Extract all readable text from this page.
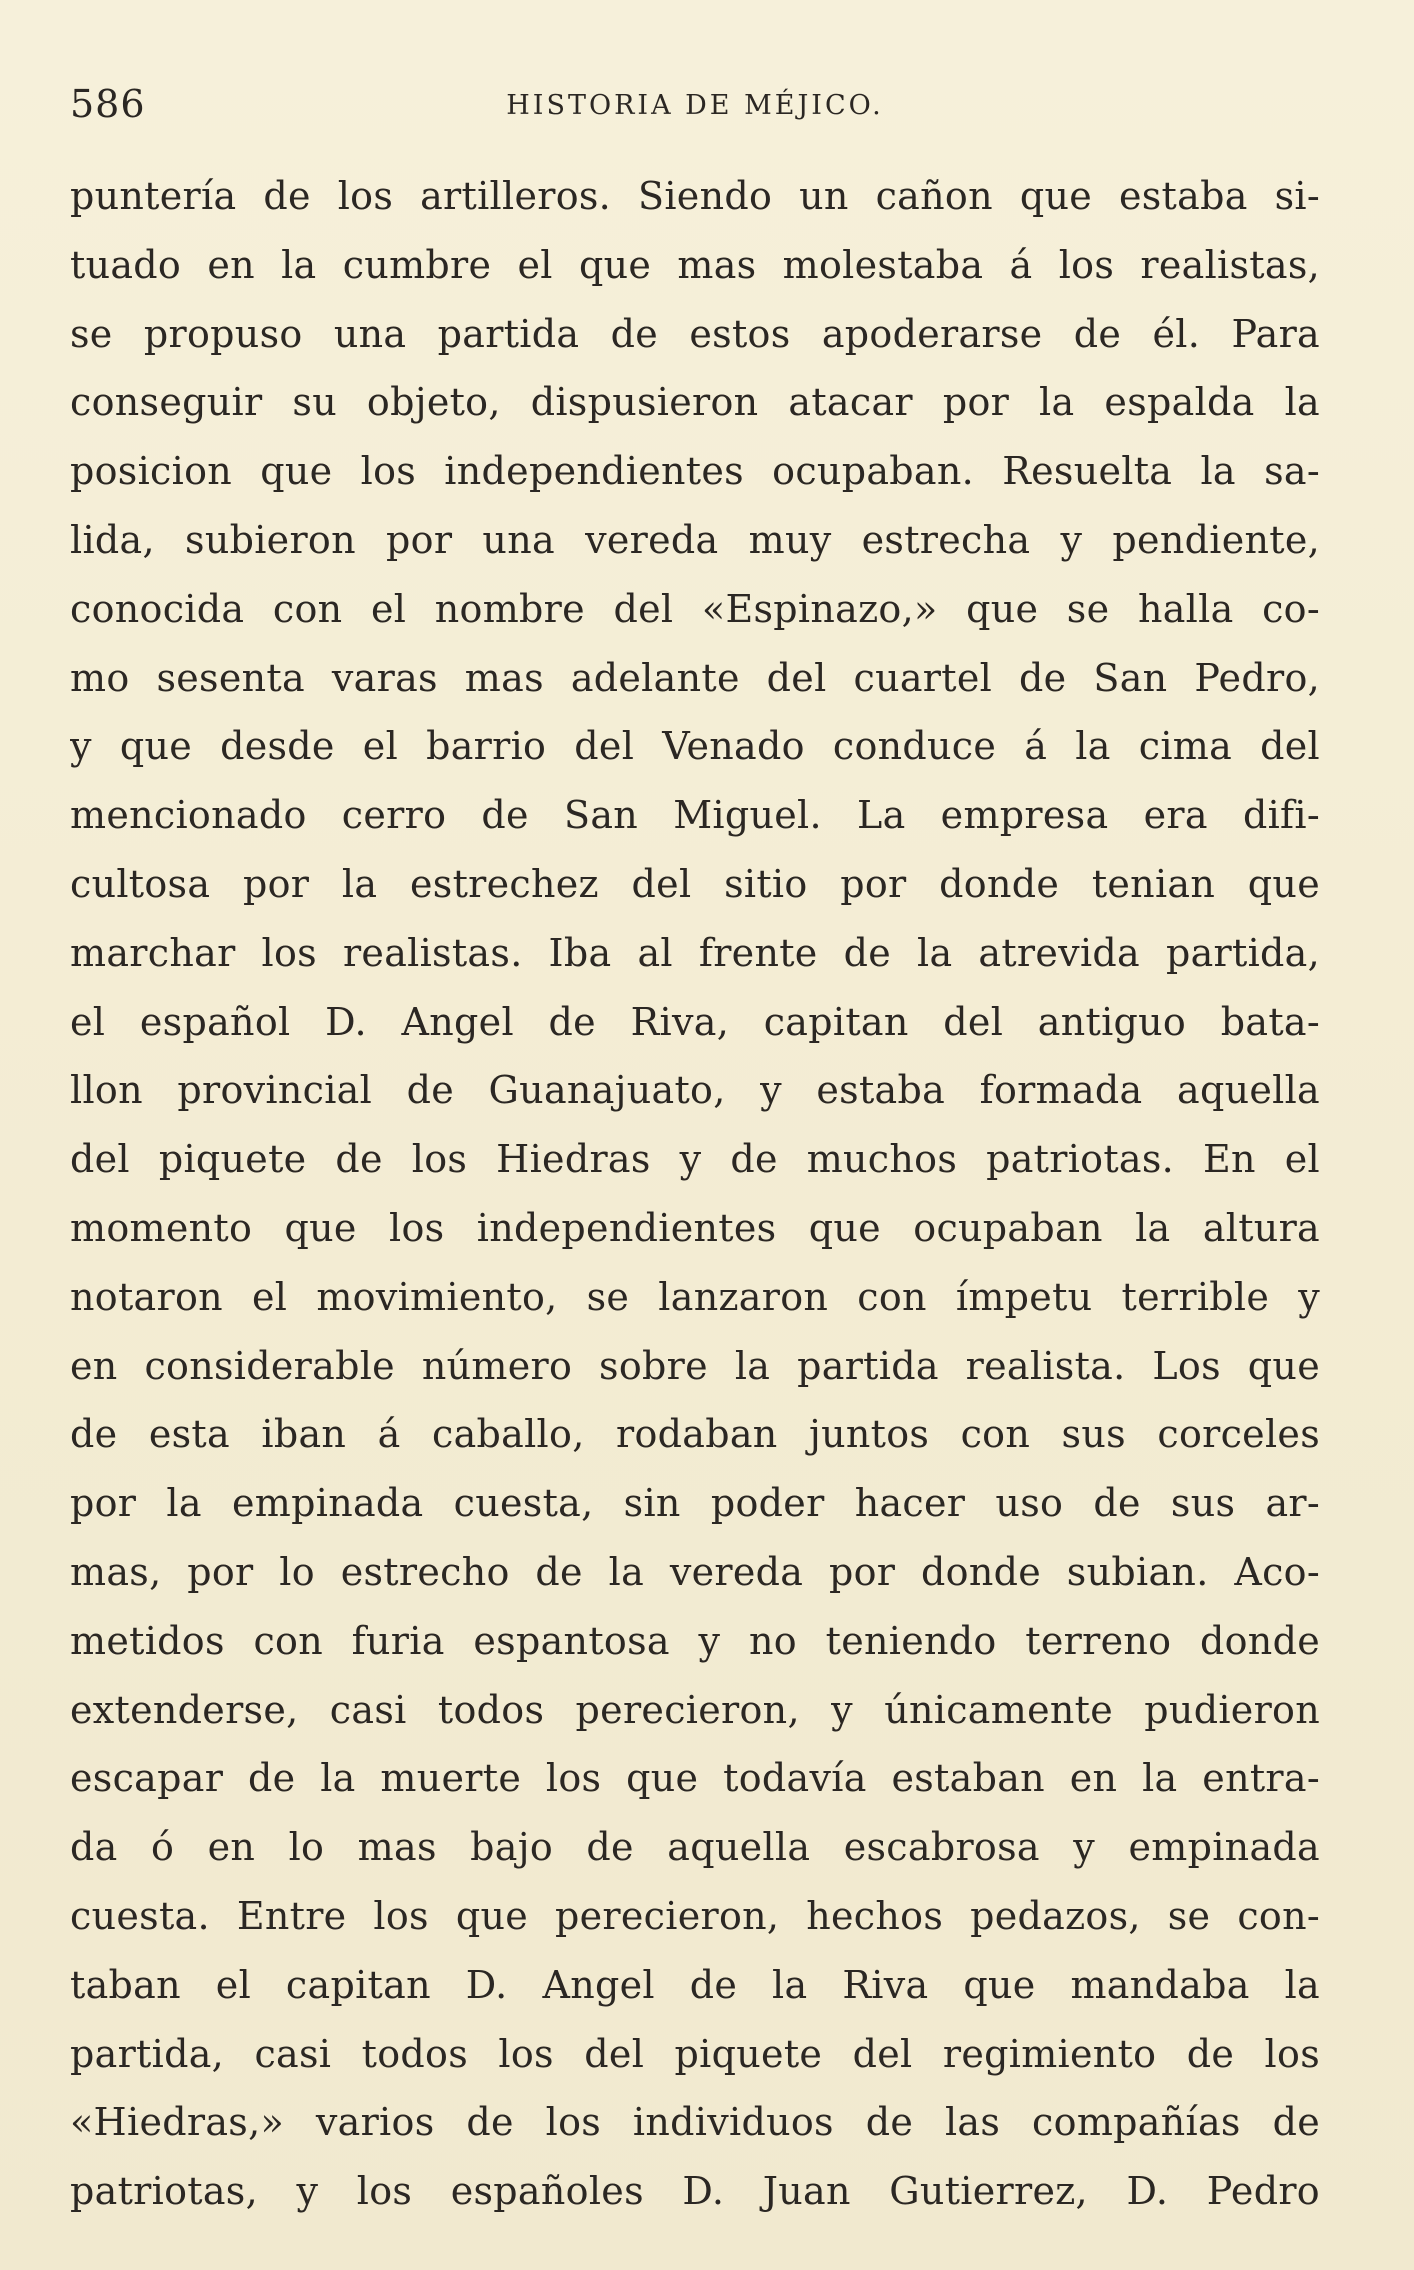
586	HISTORIA DE MÉJICO.
puntería de los artilleros. Siendo un cañon que estaba si-
tuado en la cumbre el que mas molestaba á los realistas,
se propuso una partida de estos apoderarse de él. Para
conseguir su objeto, dispusieron atacar por la espalda la
posicion que los independientes ocupaban. Resuelta la sa-
lida, subieron por una vereda muy estrecha y pendiente,
conocida con el nombre del «Espinazo,» que se halla co-
mo sesenta varas mas adelante del cuartel de San Pedro,
y que desde el barrio del Venado conduce á la cima del
mencionado cerro de San Miguel. La empresa era difi-
cultosa por la estrechez del sitio por donde tenian que
marchar los realistas. Iba al frente de la atrevida partida,
el español D. Angel de Riva, capitan del antiguo bata-
llon provincial de Guanajuato, y estaba formada aquella
del piquete de los Hiedras y de muchos patriotas. En el
momento que los independientes que ocupaban la altura
notaron el movimiento, se lanzaron con ímpetu terrible y
en considerable número sobre la partida realista. Los que
de esta iban á caballo, rodaban juntos con sus corceles
por la empinada cuesta, sin poder hacer uso de sus ar-
mas, por lo estrecho de la vereda por donde subian. Aco-
metidos con furia espantosa y no teniendo terreno donde
extenderse, casi todos perecieron, y únicamente pudieron
escapar de la muerte los que todavía estaban en la entra-
da ó en lo mas bajo de aquella escabrosa y empinada
cuesta. Entre los que perecieron, hechos pedazos, se con-
taban el capitan D. Angel de la Riva que mandaba la
partida, casi todos los del piquete del regimiento de los
«Hiedras,» varios de los individuos de las compañías de
patriotas, y los españoles D. Juan Gutierrez, D. Pedro
